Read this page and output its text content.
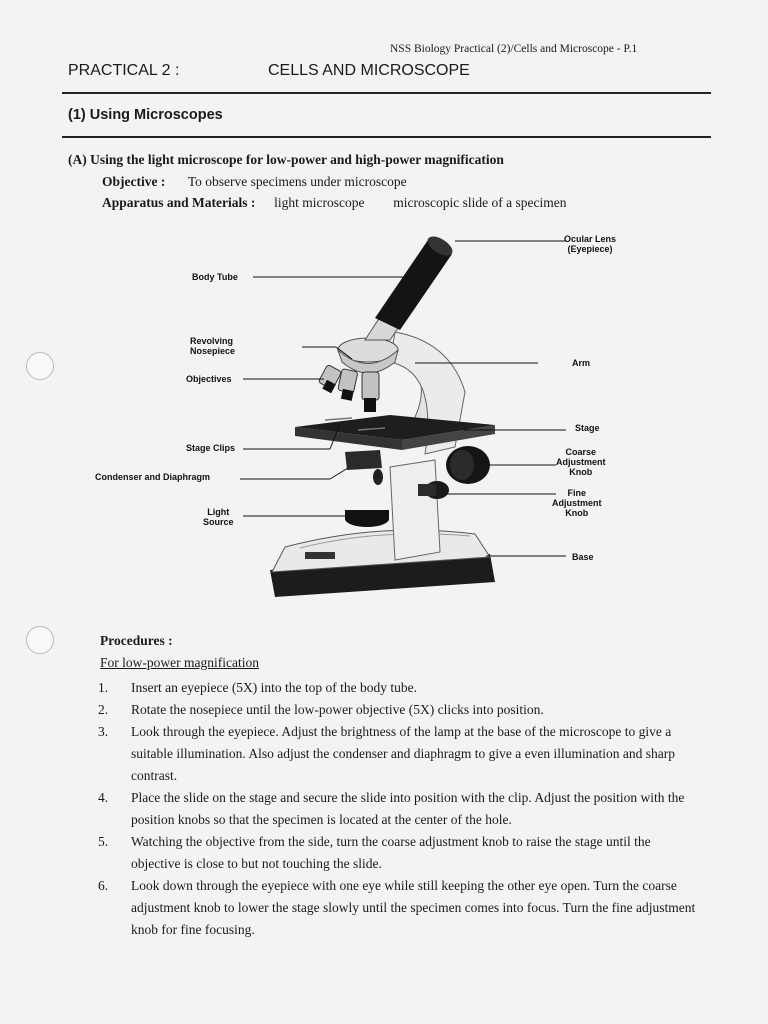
NSS Biology Practical (2)/Cells and Microscope - P.1
PRACTICAL 2 :	CELLS AND MICROSCOPE
(1) Using Microscopes
(A) Using the light microscope for low-power and high-power magnification
Objective : To observe specimens under microscope
Apparatus and Materials : light microscope microscopic slide of a specimen
Ocular Lens
(Eyepiece)
Body Tube
Revolving
Nosepiece
Arm
Objectives
Stage
Stage Clips	Coarse
Adjustment
Knob
Condenser and Diaphragm
Fine
Adjustment
Knob
Light
Source
Base
Procedures :
For low-power magnification
1.	Insert an eyepiece (5X) into the top of the body tube.
2.	Rotate the nosepiece until the low-power objective (5X) clicks into position.
3.	Look through the eyepiece. Adjust the brightness of the lamp at the base of the microscope to give a suitable illumination. Also adjust the condenser and diaphragm to give a even illumination and sharp contrast.
4.	Place the slide on the stage and secure the slide into position with the clip. Adjust the position with the position knobs so that the specimen is located at the center of the hole.
5.	Watching the objective from the side, turn the coarse adjustment knob to raise the stage until the objective is close to but not touching the slide.
6.	Look down through the eyepiece with one eye while still keeping the other eye open. Turn the coarse adjustment knob to lower the stage slowly until the specimen comes into focus. Turn the fine adjustment knob for fine focusing.
